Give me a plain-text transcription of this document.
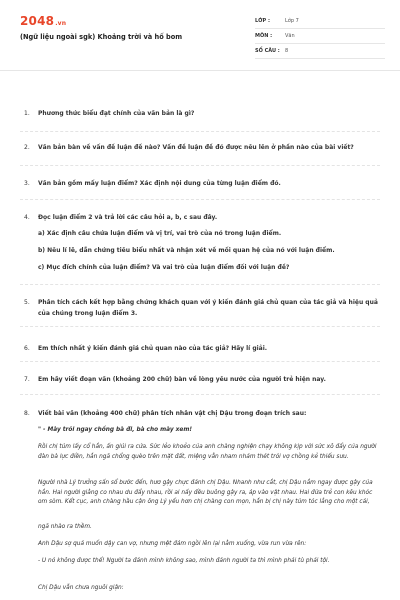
2048.vn
(Ngữ liệu ngoài sgk) Khoảng trời và hố bom
LỚP :	Lớp 7
MÔN :	Văn
SỐ CÂU :	8
1. Phương thức biểu đạt chính của văn bản là gì?
2. Văn bản bàn về vấn đề luận đề nào? Vấn đề luận đề đó được nêu lên ở phần nào của bài viết?
3. Văn bản gồm mấy luận điểm? Xác định nội dung của từng luận điểm đó.
4. Đọc luận điểm 2 và trả lời các câu hỏi a, b, c sau đây.
a) Xác định câu chứa luận điểm và vị trí, vai trò của nó trong luận điểm.
b) Nêu lí lẽ, dẫn chứng tiêu biểu nhất và nhận xét về mối quan hệ của nó với luận điểm.
c) Mục đích chính của luận điểm? Và vai trò của luận điểm đối với luận đề?
5. Phân tích cách kết hợp bằng chứng khách quan với ý kiến đánh giá chủ quan của tác giả và hiệu quả của chúng trong luận điểm 3.
6. Em thích nhất ý kiến đánh giá chủ quan nào của tác giả? Hãy lí giải.
7. Em hãy viết đoạn văn (khoảng 200 chữ) bàn về lòng yêu nước của người trẻ hiện nay.
8. Viết bài văn (khoảng 400 chữ) phân tích nhân vật chị Dậu trong đoạn trích sau:
" - Mày trói ngay chồng bà đi, bà cho mày xem!
Rồi chị túm lấy cổ hắn, ấn giúi ra cửa. Sức lẻo khoẻo của anh chàng nghiện chạy không kịp với sức xô đẩy của người đàn bà lực điền, hắn ngã chổng quèo trên mặt đất, miệng vẫn nham nhảm thét trói vợ chồng kẻ thiếu sưu.
Người nhà Lý trưởng sấn sổ bước đến, hươ gậy chực đánh chị Dậu. Nhanh như cắt, chị Dậu nắm ngay được gậy của hắn. Hai người giằng co nhau du đẩy nhau, rồi ai nấy đều buông gậy ra, áp vào vật nhau. Hai đứa trẻ con kêu khóc om sòm. Kết cục, anh chàng hầu cận ông Lý yếu hơn chị chàng con mọn, hắn bị chị này túm tóc lẳng cho một cái,
ngã nhào ra thềm.
Anh Dậu sợ quá muốn dậy can vợ, nhưng mệt đám ngồi lên lại nằm xuống, vừa run vừa rên:
- U nó không được thế! Người ta đánh mình không sao, mình đánh người ta thì mình phải tù phải tội.
Chị Dậu vẫn chưa nguôi giận:
